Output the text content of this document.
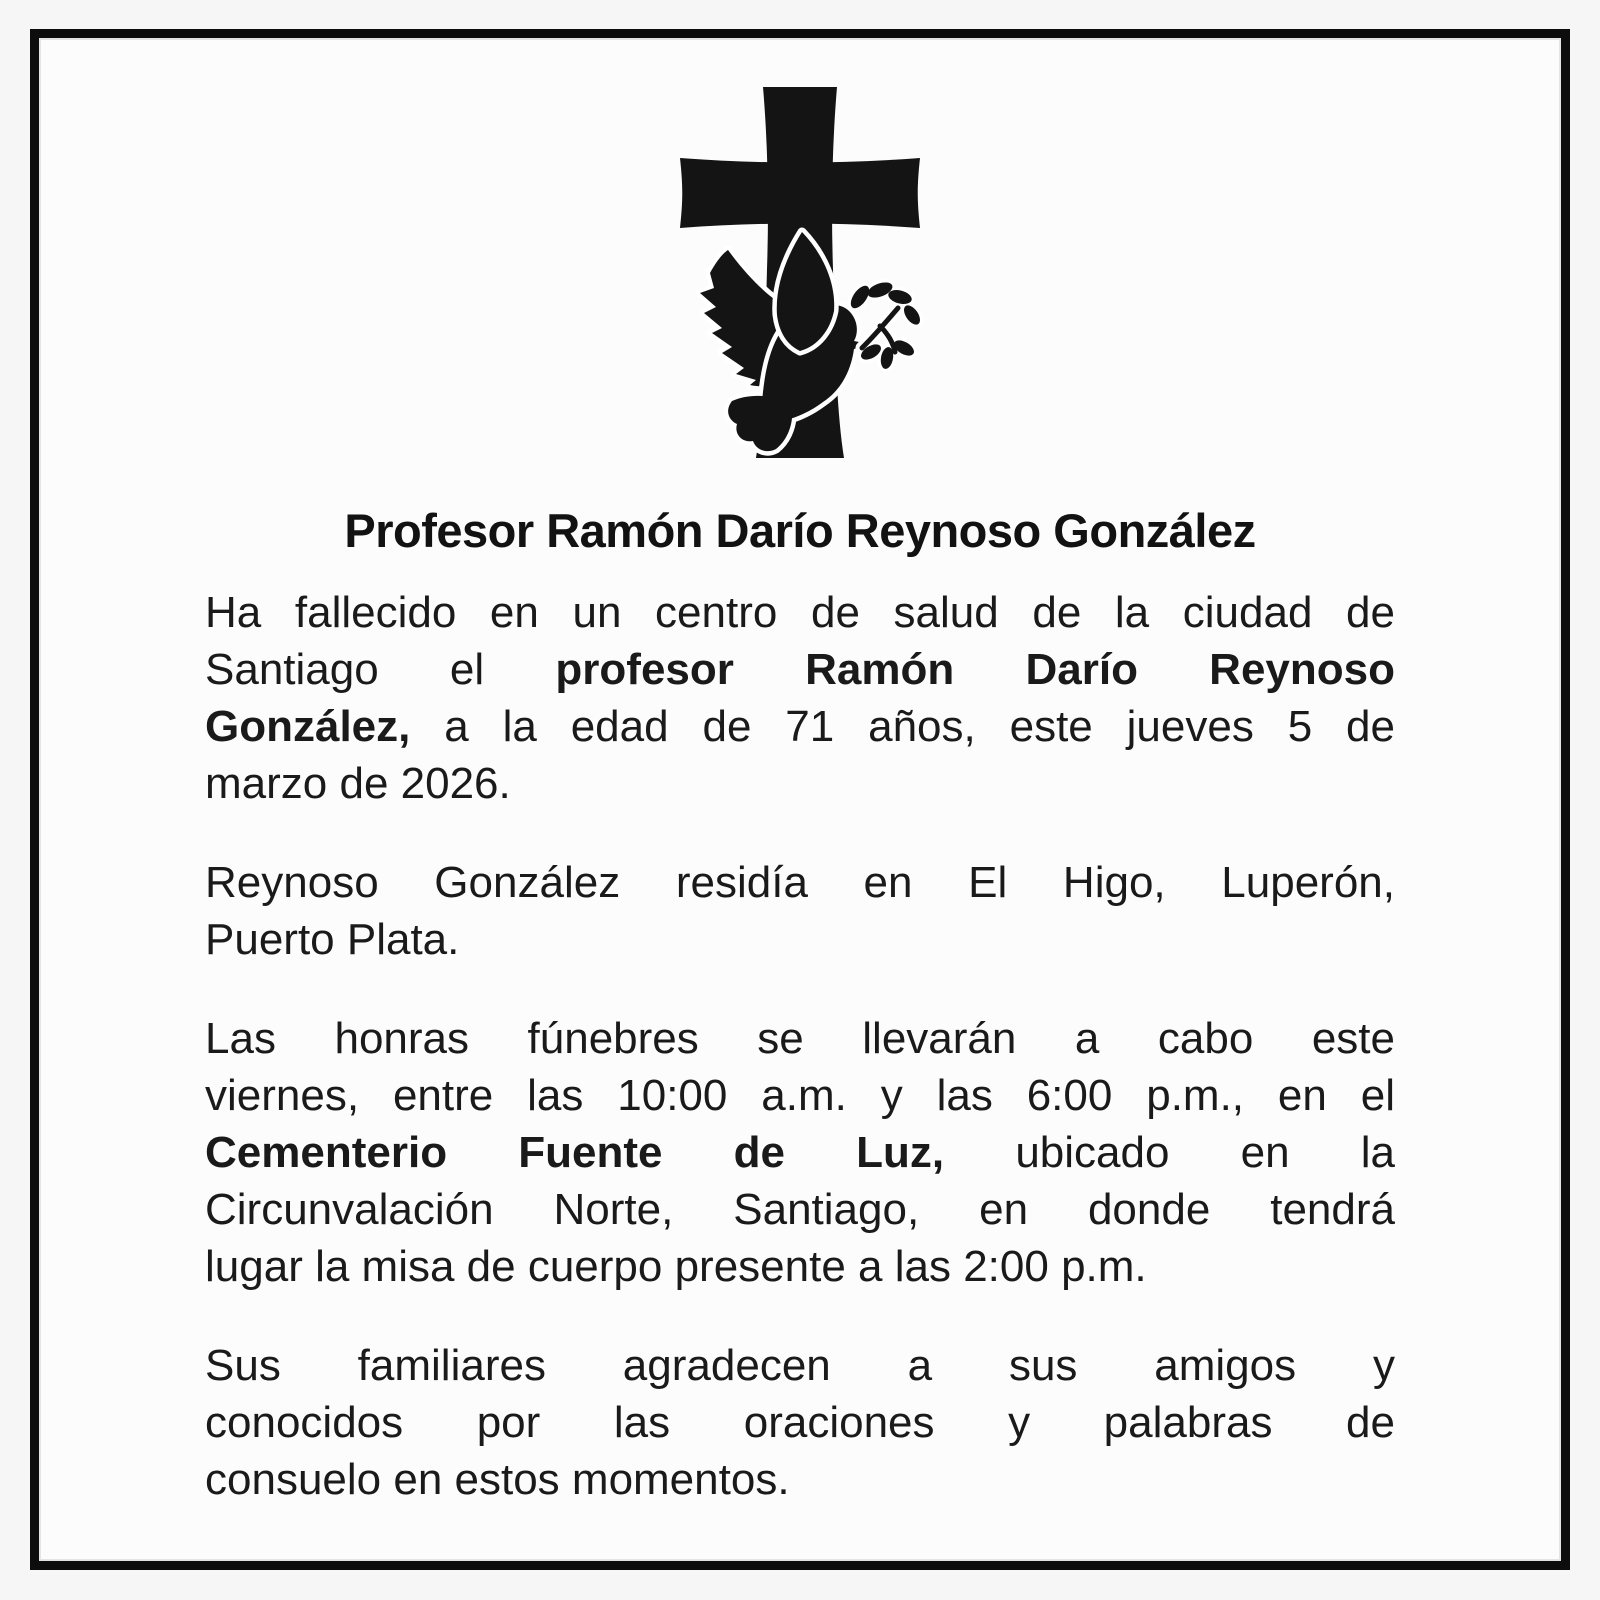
Profesor Ramón Darío Reynoso González

Ha fallecido en un centro de salud de la ciudad de
Santiago el profesor Ramón Darío Reynoso
González, a la edad de 71 años, este jueves 5 de
marzo de 2026.

Reynoso González residía en El Higo, Luperón,
Puerto Plata.

Las honras fúnebres se llevarán a cabo este
viernes, entre las 10:00 a.m. y las 6:00 p.m., en el
Cementerio Fuente de Luz, ubicado en la
Circunvalación Norte, Santiago, en donde tendrá
lugar la misa de cuerpo presente a las 2:00 p.m.

Sus familiares agradecen a sus amigos y
conocidos por las oraciones y palabras de
consuelo en estos momentos.
